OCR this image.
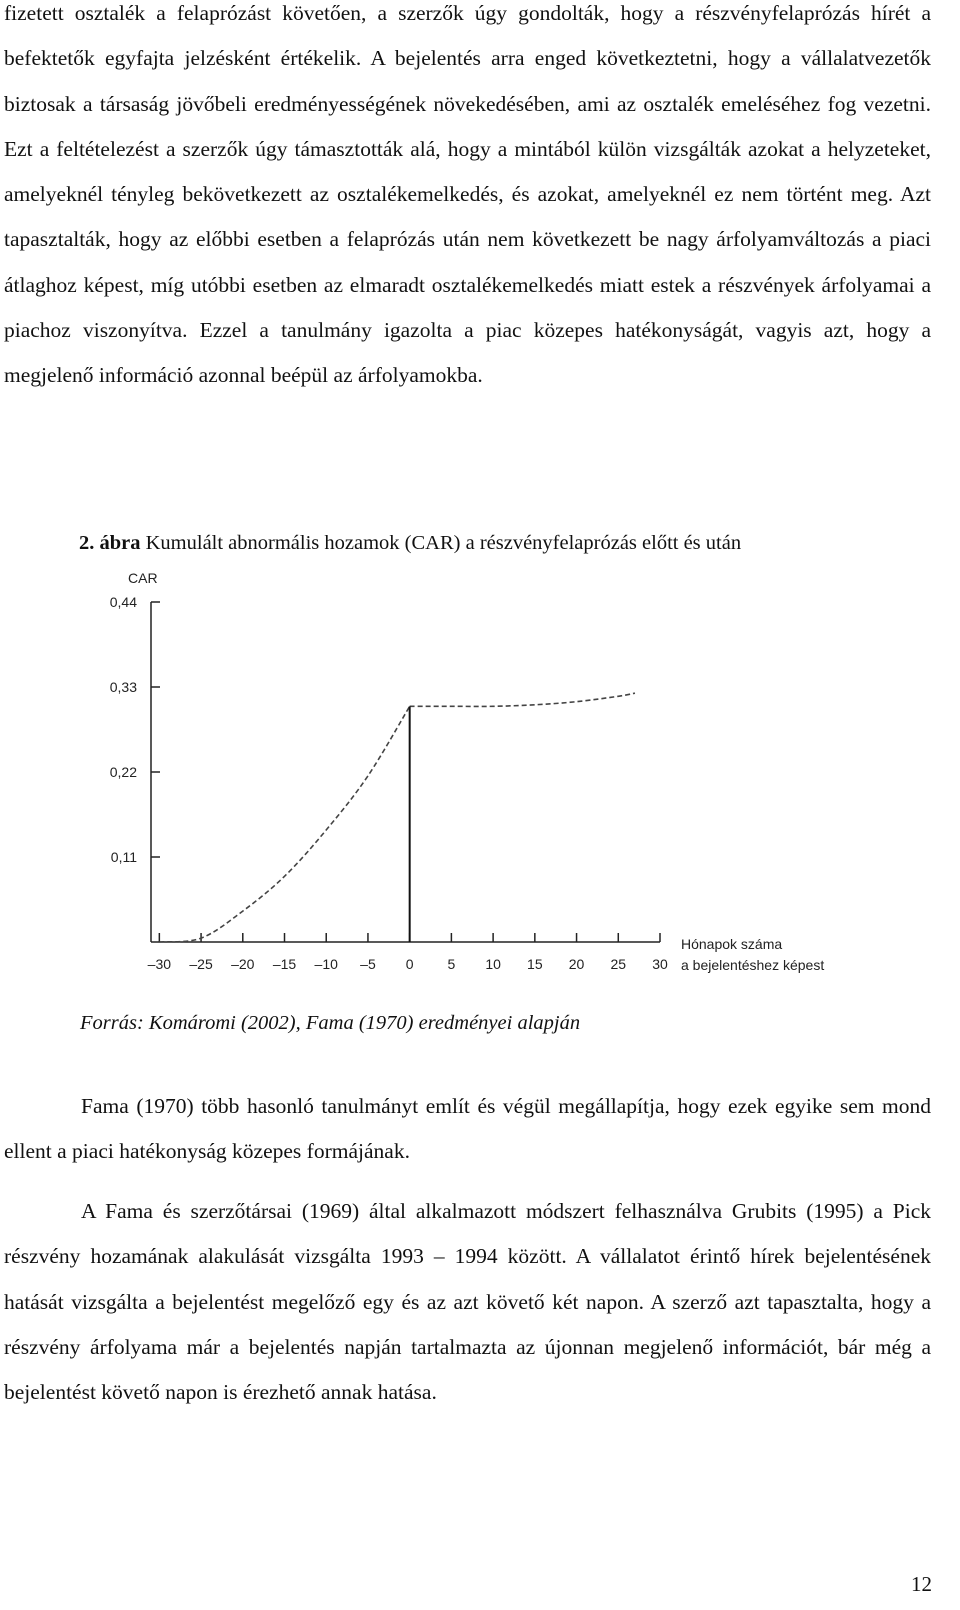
fizetett osztalék a felaprózást követően, a szerzők úgy gondolták, hogy a részvényfelaprózás hírét a befektetők egyfajta jelzésként értékelik. A bejelentés arra enged következtetni, hogy a vállalatvezetők biztosak a társaság jövőbeli eredményességének növekedésében, ami az osztalék emeléséhez fog vezetni. Ezt a feltételezést a szerzők úgy támasztották alá, hogy a mintából külön vizsgálták azokat a helyzeteket, amelyeknél tényleg bekövetkezett az osztalékemelkedés, és azokat, amelyeknél ez nem történt meg. Azt tapasztalták, hogy az előbbi esetben a felaprózás után nem következett be nagy árfolyamváltozás a piaci átlaghoz képest, míg utóbbi esetben az elmaradt osztalékemelkedés miatt estek a részvények árfolyamai a piachoz viszonyítva. Ezzel a tanulmány igazolta a piac közepes hatékonyságát, vagyis azt, hogy a megjelenő információ azonnal beépül az árfolyamokba.

2. ábra Kumulált abnormális hozamok (CAR) a részvényfelaprózás előtt és után
0,11
0,22
0,33
0,44
–30 –25 –20 –15 –10 –5 0 5 10 15 20 25 30
CAR
Hónapok száma
a bejelentéshez képest
Forrás: Komáromi (2002), Fama (1970) eredményei alapján

Fama (1970) több hasonló tanulmányt említ és végül megállapítja, hogy ezek egyike sem mond ellent a piaci hatékonyság közepes formájának.

A Fama és szerzőtársai (1969) által alkalmazott módszert felhasználva Grubits (1995) a Pick részvény hozamának alakulását vizsgálta 1993 – 1994 között. A vállalatot érintő hírek bejelentésének hatását vizsgálta a bejelentést megelőző egy és az azt követő két napon. A szerző azt tapasztalta, hogy a részvény árfolyama már a bejelentés napján tartalmazta az újonnan megjelenő információt, bár még a bejelentést követő napon is érezhető annak hatása.

12
